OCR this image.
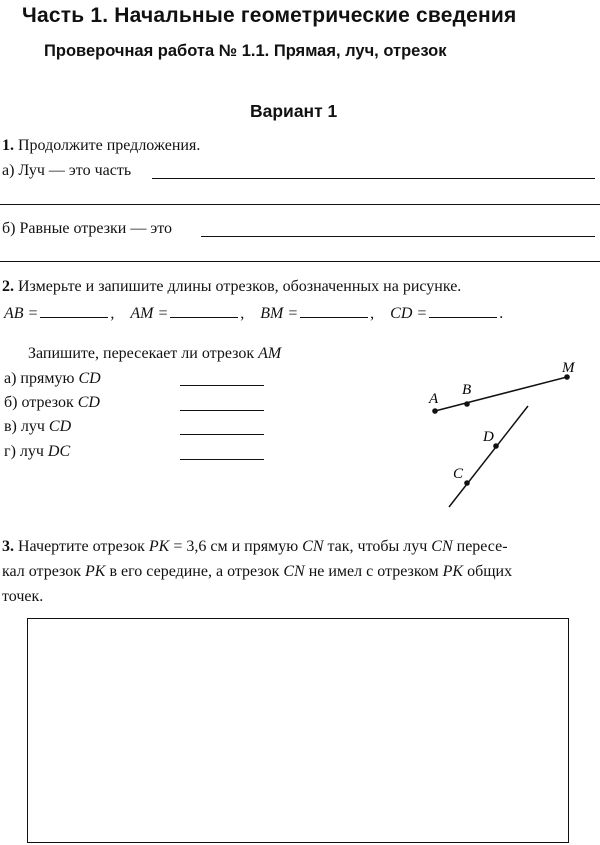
Часть 1. Начальные геометрические сведения
Проверочная работа № 1.1. Прямая, луч, отрезок
Вариант 1
1. Продолжите предложения.
а) Луч — это часть
б) Равные отрезки — это
2. Измерьте и запишите длины отрезков, обозначенных на рисунке.
AB =	, AM =	, BM =	, CD =	.
Запишите, пересекает ли отрезок AM
а) прямую CD
б) отрезок CD
в) луч CD
г) луч DC
A
B
M
D
C
3. Начертите отрезок PK = 3,6 см и прямую CN так, чтобы луч CN пересе-
кал отрезок PK в его середине, а отрезок CN не имел с отрезком PK общих
точек.
